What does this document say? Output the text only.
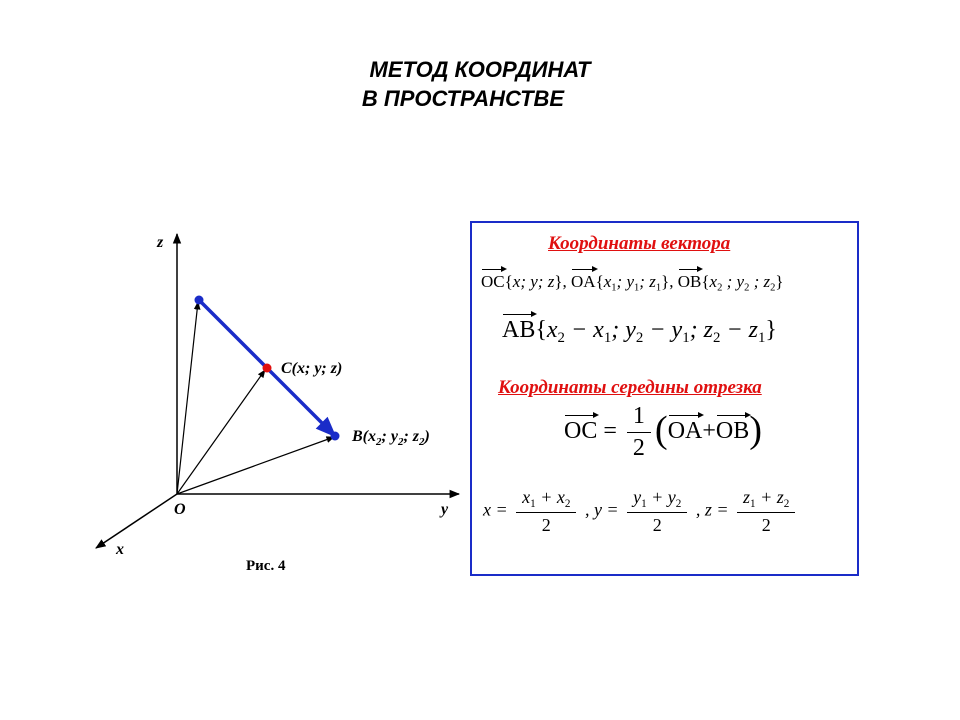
МЕТОД КООРДИНАТ
В ПРОСТРАНСТВЕ
z
y
x
O
C(x; y; z)
$B(x_2$; $y_2$; $z_2$)
Рис. 4
Координаты вектора
OC{x; y; z}, $OA\{x_1$; $y_1$; $z_1$}, $OB\{x_2$ ; $y_2$ ; $z_2$}
$AB\{x_2 - x_1$; $y_2 - y_1$; $z_2 - z_1$}
Координаты середины отрезка
OC = $\frac{1}{2} (OA+OB)$
$x = \frac{x_1 + x_2}{2}$ , $y = \frac{y_1 + y_2}{2}$ , $z = \frac{z_1 + z_2}{2}$
